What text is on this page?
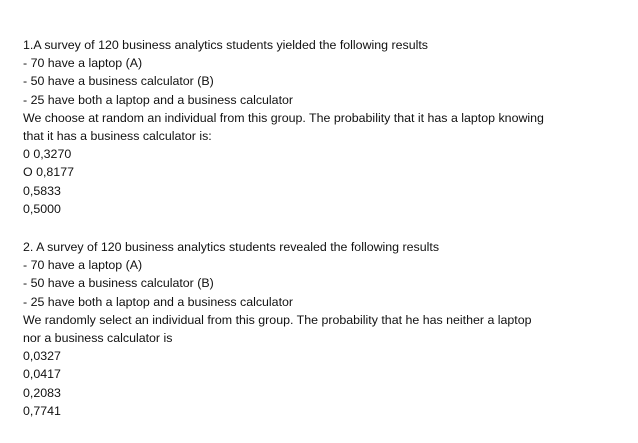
1.A survey of 120 business analytics students yielded the following results
- 70 have a laptop (A)
- 50 have a business calculator (B)
- 25 have both a laptop and a business calculator
We choose at random an individual from this group. The probability that it has a laptop knowing
that it has a business calculator is:
0 0,3270
O 0,8177
0,5833
0,5000
2. A survey of 120 business analytics students revealed the following results
- 70 have a laptop (A)
- 50 have a business calculator (B)
- 25 have both a laptop and a business calculator
We randomly select an individual from this group. The probability that he has neither a laptop
nor a business calculator is
0,0327
0,0417
0,2083
0,7741
